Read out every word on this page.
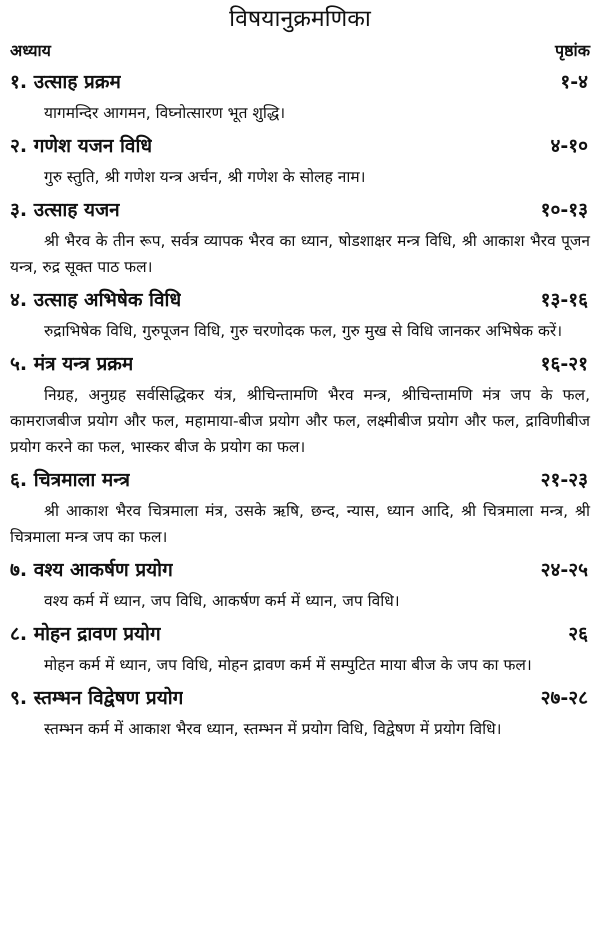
विषयानुक्रमणिका
अध्याय	पृष्ठांक
१. उत्साह प्रक्रम	१-४
यागमन्दिर आगमन, विघ्नोत्सारण भूत शुद्धि।
२. गणेश यजन विधि	४-१०
गुरु स्तुति, श्री गणेश यन्त्र अर्चन, श्री गणेश के सोलह नाम।
३. उत्साह यजन	१०-१३
श्री भैरव के तीन रूप, सर्वत्र व्यापक भैरव का ध्यान, षोडशाक्षर मन्त्र विधि, श्री आकाश भैरव पूजन यन्त्र, रुद्र सूक्त पाठ फल।
४. उत्साह अभिषेक विधि	१३-१६
रुद्राभिषेक विधि, गुरुपूजन विधि, गुरु चरणोदक फल, गुरु मुख से विधि जानकर अभिषेक करें।
५. मंत्र यन्त्र प्रक्रम	१६-२१
निग्रह, अनुग्रह सर्वसिद्धिकर यंत्र, श्रीचिन्तामणि भैरव मन्त्र, श्रीचिन्तामणि मंत्र जप के फल, कामराजबीज प्रयोग और फल, महामाया-बीज प्रयोग और फल, लक्ष्मीबीज प्रयोग और फल, द्राविणीबीज प्रयोग करने का फल, भास्कर बीज के प्रयोग का फल।
६. चित्रमाला मन्त्र	२१-२३
श्री आकाश भैरव चित्रमाला मंत्र, उसके ऋषि, छन्द, न्यास, ध्यान आदि, श्री चित्रमाला मन्त्र, श्री चित्रमाला मन्त्र जप का फल।
७. वश्य आकर्षण प्रयोग	२४-२५
वश्य कर्म में ध्यान, जप विधि, आकर्षण कर्म में ध्यान, जप विधि।
८. मोहन द्रावण प्रयोग	२६
मोहन कर्म में ध्यान, जप विधि, मोहन द्रावण कर्म में सम्पुटित माया बीज के जप का फल।
९. स्तम्भन विद्वेषण प्रयोग	२७-२८
स्तम्भन कर्म में आकाश भैरव ध्यान, स्तम्भन में प्रयोग विधि, विद्वेषण में प्रयोग विधि।
